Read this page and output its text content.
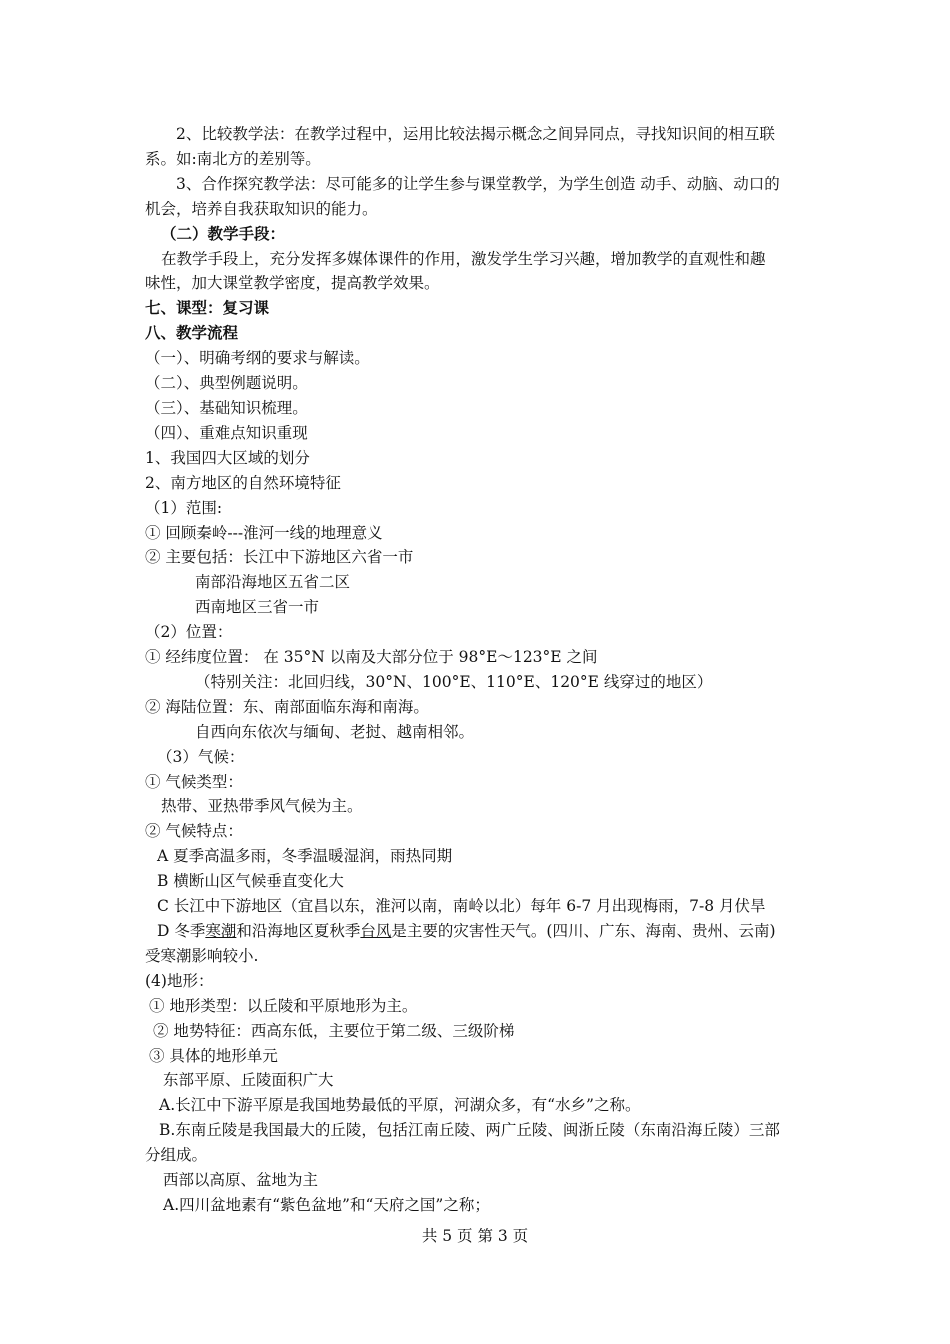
2、比较教学法：在教学过程中，运用比较法揭示概念之间异同点，寻找知识间的相互联

系。如:南北方的差别等。

3、合作探究教学法：尽可能多的让学生参与课堂教学，为学生创造 动手、动脑、动口的

机会，培养自我获取知识的能力。

（二）教学手段：

在教学手段上，充分发挥多媒体课件的作用，激发学生学习兴趣，增加教学的直观性和趣

味性，加大课堂教学密度，提高教学效果。

七、课型：复习课

八、教学流程

（一）、明确考纲的要求与解读。

（二）、典型例题说明。

（三）、基础知识梳理。

（四）、重难点知识重现

1、我国四大区域的划分

2、南方地区的自然环境特征

（1）范围:

① 回顾秦岭---淮河一线的地理意义

② 主要包括：长江中下游地区六省一市

南部沿海地区五省二区

西南地区三省一市

（2）位置：

① 经纬度位置： 在 35°N 以南及大部分位于 98°E～123°E 之间

（特别关注：北回归线，30°N、100°E、110°E、120°E 线穿过的地区）

② 海陆位置：东、南部面临东海和南海。

自西向东依次与缅甸、老挝、越南相邻。

（3）气候：

① 气候类型：

热带、亚热带季风气候为主。

② 气候特点：

A 夏季高温多雨，冬季温暖湿润，雨热同期

B 横断山区气候垂直变化大

C 长江中下游地区（宜昌以东，淮河以南，南岭以北）每年 6-7 月出现梅雨，7-8 月伏旱

D 冬季寒潮和沿海地区夏秋季台风是主要的灾害性天气。(四川、广东、海南、贵州、云南)

受寒潮影响较小.

(4)地形：

① 地形类型：以丘陵和平原地形为主。

② 地势特征：西高东低，主要位于第二级、三级阶梯

③ 具体的地形单元

东部平原、丘陵面积广大

A.长江中下游平原是我国地势最低的平原，河湖众多，有“水乡”之称。

B.东南丘陵是我国最大的丘陵，包括江南丘陵、两广丘陵、闽浙丘陵（东南沿海丘陵）三部

分组成。

西部以高原、盆地为主

A.四川盆地素有“紫色盆地”和“天府之国”之称；

共 5 页 第 3 页
